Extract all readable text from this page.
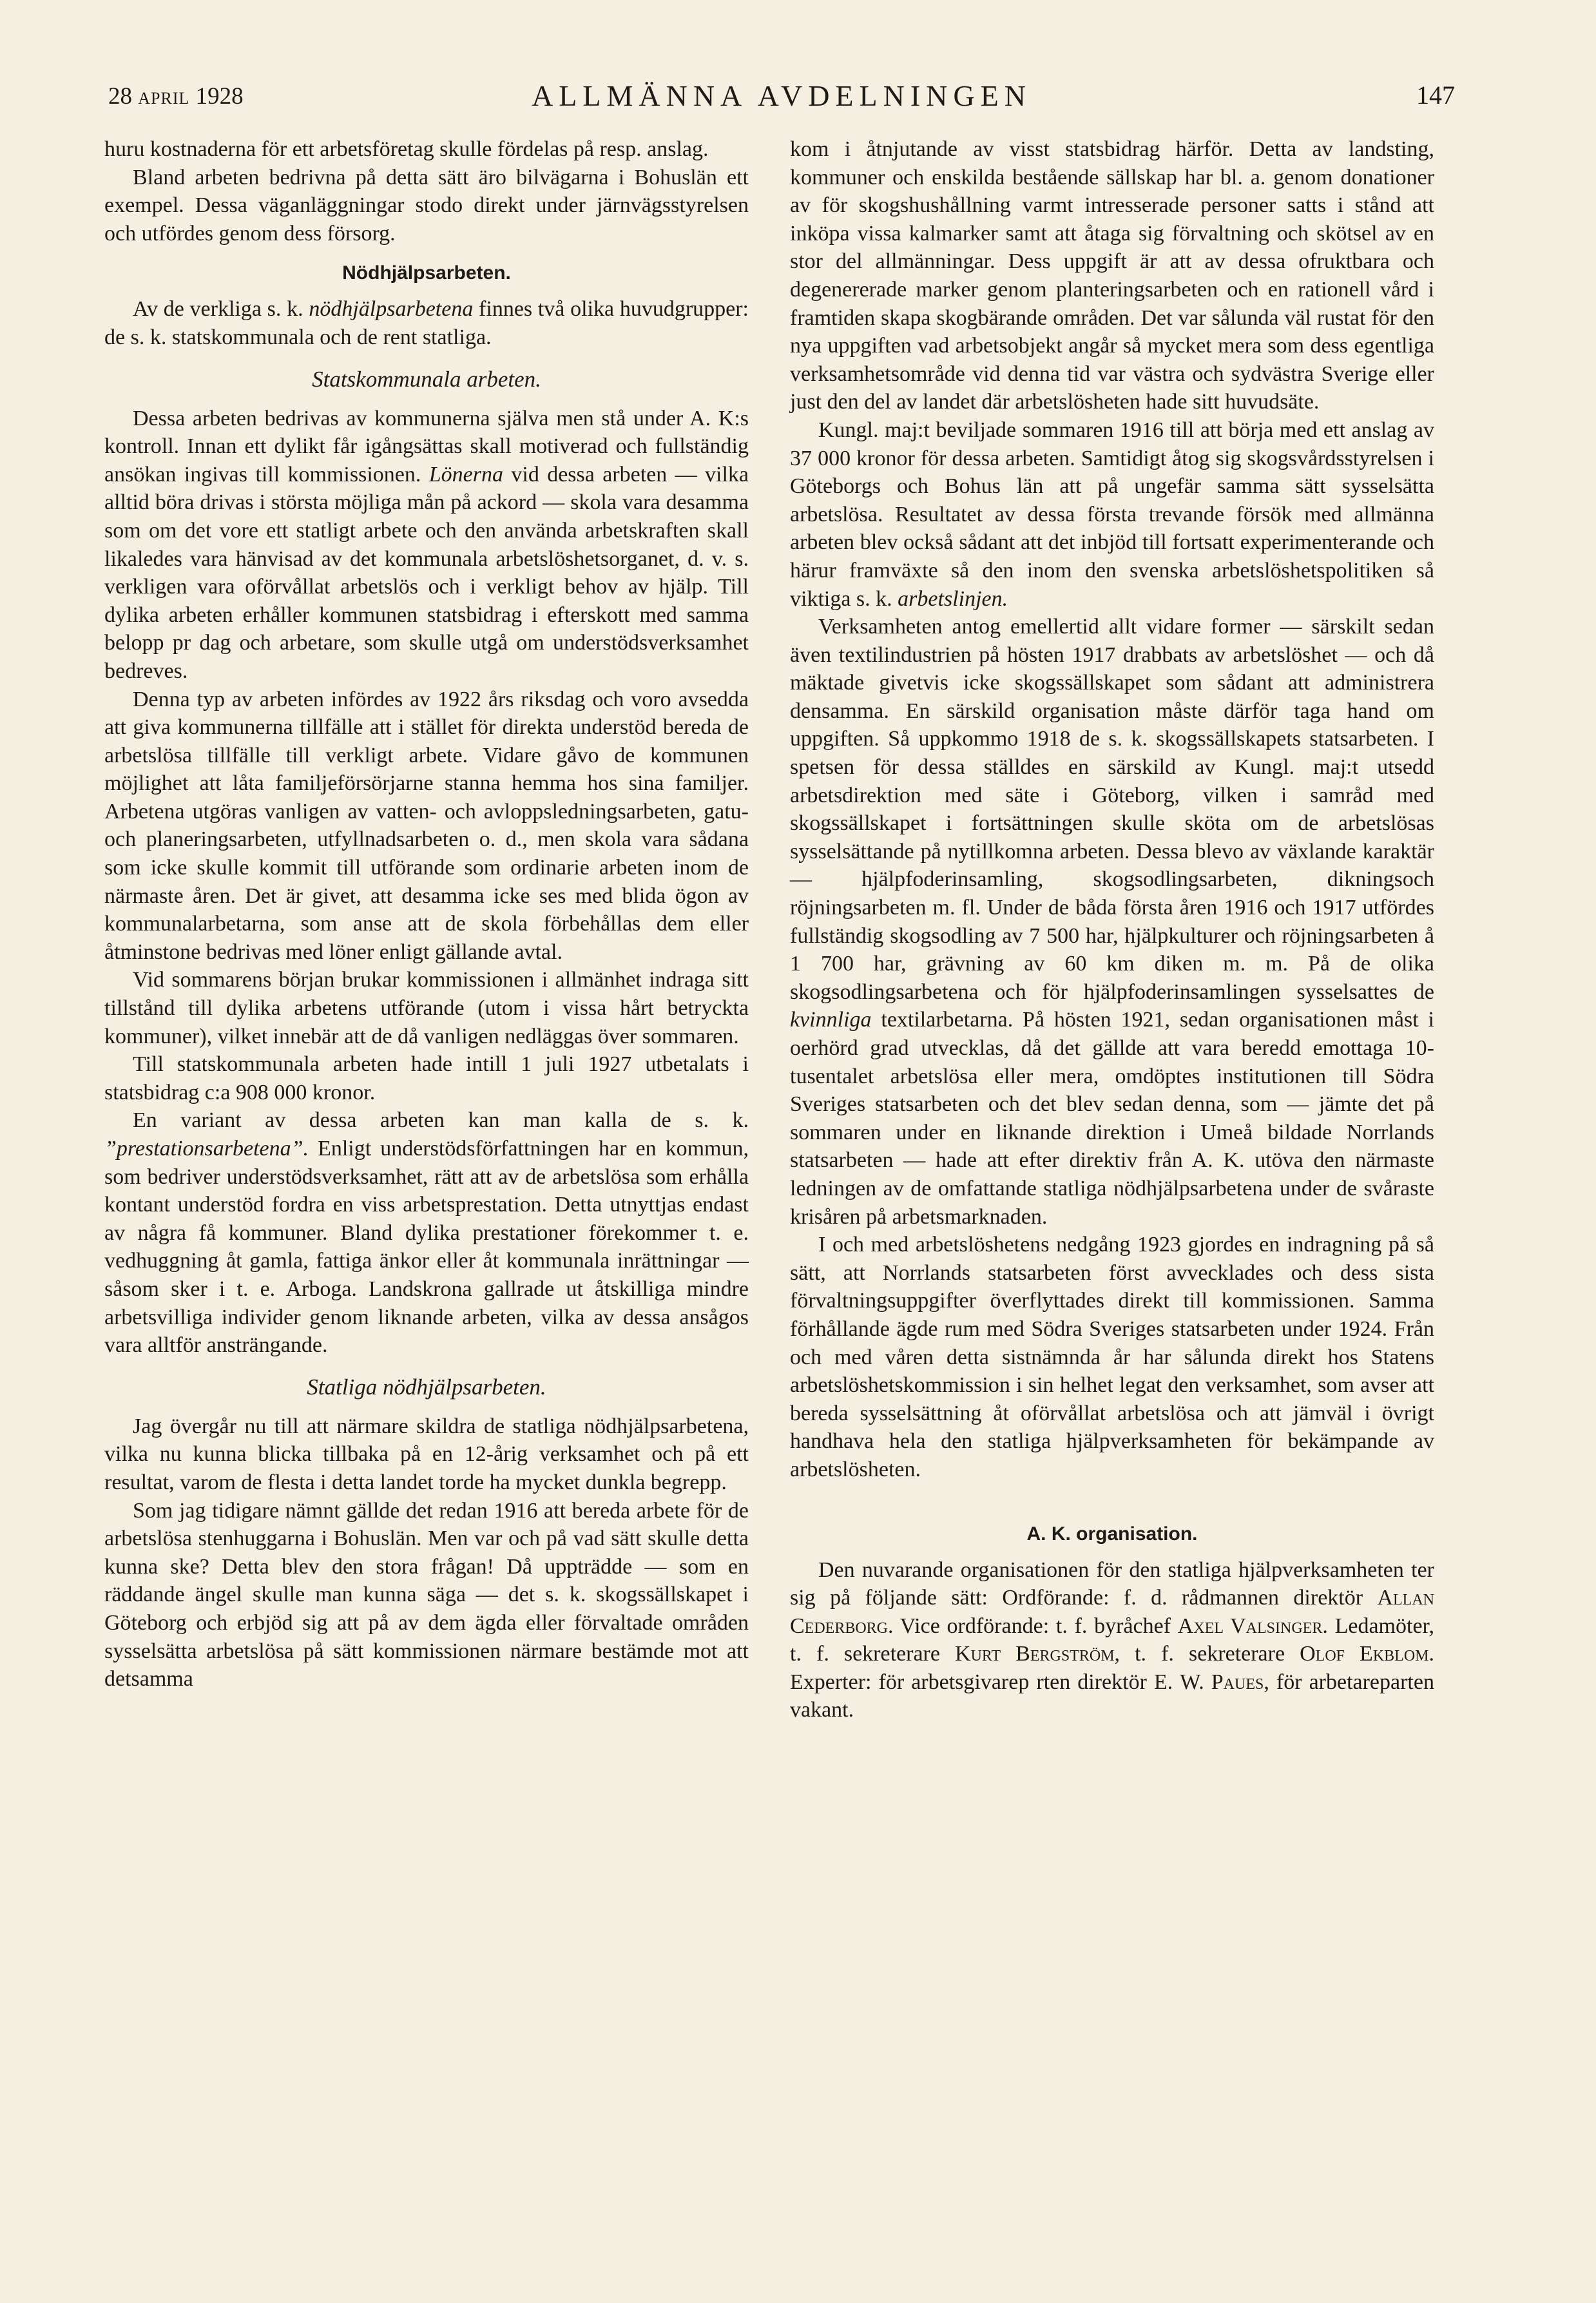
28 april 1928	ALLMÄNNA AVDELNINGEN	147

huru kostnaderna för ett arbetsföretag skulle fördelas på resp. anslag.

Bland arbeten bedrivna på detta sätt äro bilvägarna i Bohuslän ett exempel. Dessa väganläggningar stodo direkt under järnvägsstyrelsen och utfördes genom dess försorg.

Nödhjälpsarbeten.

Av de verkliga s. k. nödhjälpsarbetena finnes två olika huvudgrupper: de s. k. statskommunala och de rent statliga.

Statskommunala arbeten.

Dessa arbeten bedrivas av kommunerna själva men stå under A. K:s kontroll. Innan ett dylikt får igångsättas skall motiverad och fullständig ansökan ingivas till kommissionen. Lönerna vid dessa arbeten — vilka alltid böra drivas i största möjliga mån på ackord — skola vara desamma som om det vore ett statligt arbete och den använda arbetskraften skall likaledes vara hänvisad av det kommunala arbetslöshetsorganet, d. v. s. verkligen vara oförvållat arbetslös och i verkligt behov av hjälp. Till dylika arbeten erhåller kommunen statsbidrag i efterskott med samma belopp pr dag och arbetare, som skulle utgå om understödsverksamhet bedreves.

Denna typ av arbeten infördes av 1922 års riksdag och voro avsedda att giva kommunerna tillfälle att i stället för direkta understöd bereda de arbetslösa tillfälle till verkligt arbete. Vidare gåvo de kommunen möjlighet att låta familjeförsörjarne stanna hemma hos sina familjer. Arbetena utgöras vanligen av vatten- och avloppsledningsarbeten, gatu- och planeringsarbeten, utfyllnadsarbeten o. d., men skola vara sådana som icke skulle kommit till utförande som ordinarie arbeten inom de närmaste åren. Det är givet, att desamma icke ses med blida ögon av kommunalarbetarna, som anse att de skola förbehållas dem eller åtminstone bedrivas med löner enligt gällande avtal.

Vid sommarens början brukar kommissionen i allmänhet indraga sitt tillstånd till dylika arbetens utförande (utom i vissa hårt betryckta kommuner), vilket innebär att de då vanligen nedläggas över sommaren.

Till statskommunala arbeten hade intill 1 juli 1927 utbetalats i statsbidrag c:a 908 000 kronor.

En variant av dessa arbeten kan man kalla de s. k. ”prestationsarbetena”. Enligt understödsförfattningen har en kommun, som bedriver understödsverksamhet, rätt att av de arbetslösa som erhålla kontant understöd fordra en viss arbetsprestation. Detta utnyttjas endast av några få kommuner. Bland dylika prestationer förekommer t. e. vedhuggning åt gamla, fattiga änkor eller åt kommunala inrättningar — såsom sker i t. e. Arboga. Landskrona gallrade ut åtskilliga mindre arbetsvilliga individer genom liknande arbeten, vilka av dessa ansågos vara alltför ansträngande.

Statliga nödhjälpsarbeten.

Jag övergår nu till att närmare skildra de statliga nödhjälpsarbetena, vilka nu kunna blicka tillbaka på en 12-årig verksamhet och på ett resultat, varom de flesta i detta landet torde ha mycket dunkla begrepp.

Som jag tidigare nämnt gällde det redan 1916 att bereda arbete för de arbetslösa stenhuggarna i Bohuslän. Men var och på vad sätt skulle detta kunna ske? Detta blev den stora frågan! Då uppträdde — som en räddande ängel skulle man kunna säga — det s. k. skogssällskapet i Göteborg och erbjöd sig att på av dem ägda eller förvaltade områden sysselsätta arbetslösa på sätt kommissionen närmare bestämde mot att detsamma

kom i åtnjutande av visst statsbidrag härför. Detta av landsting, kommuner och enskilda bestående sällskap har bl. a. genom donationer av för skogshushållning varmt intresserade personer satts i stånd att inköpa vissa kalmarker samt att åtaga sig förvaltning och skötsel av en stor del allmänningar. Dess uppgift är att av dessa ofruktbara och degenererade marker genom planteringsarbeten och en rationell vård i framtiden skapa skogbärande områden. Det var sålunda väl rustat för den nya uppgiften vad arbetsobjekt angår så mycket mera som dess egentliga verksamhetsområde vid denna tid var västra och sydvästra Sverige eller just den del av landet där arbetslösheten hade sitt huvudsäte.

Kungl. maj:t beviljade sommaren 1916 till att börja med ett anslag av 37 000 kronor för dessa arbeten. Samtidigt åtog sig skogsvårdsstyrelsen i Göteborgs och Bohus län att på ungefär samma sätt sysselsätta arbetslösa. Resultatet av dessa första trevande försök med allmänna arbeten blev också sådant att det inbjöd till fortsatt experimenterande och härur framväxte så den inom den svenska arbetslöshetspolitiken så viktiga s. k. arbetslinjen.

Verksamheten antog emellertid allt vidare former — särskilt sedan även textilindustrien på hösten 1917 drabbats av arbetslöshet — och då mäktade givetvis icke skogssällskapet som sådant att administrera densamma. En särskild organisation måste därför taga hand om uppgiften. Så uppkommo 1918 de s. k. skogssällskapets statsarbeten. I spetsen för dessa ställdes en särskild av Kungl. maj:t utsedd arbetsdirektion med säte i Göteborg, vilken i samråd med skogssällskapet i fortsättningen skulle sköta om de arbetslösas sysselsättande på nytillkomna arbeten. Dessa blevo av växlande karaktär — hjälpfoderinsamling, skogsodlingsarbeten, dikningsoch röjningsarbeten m. fl. Under de båda första åren 1916 och 1917 utfördes fullständig skogsodling av 7 500 har, hjälpkulturer och röjningsarbeten å 1 700 har, grävning av 60 km diken m. m. På de olika skogsodlingsarbetena och för hjälpfoderinsamlingen sysselsattes de kvinnliga textilarbetarna. På hösten 1921, sedan organisationen måst i oerhörd grad utvecklas, då det gällde att vara beredd emottaga 10-tusentalet arbetslösa eller mera, omdöptes institutionen till Södra Sveriges statsarbeten och det blev sedan denna, som — jämte det på sommaren under en liknande direktion i Umeå bildade Norrlands statsarbeten — hade att efter direktiv från A. K. utöva den närmaste ledningen av de omfattande statliga nödhjälpsarbetena under de svåraste krisåren på arbetsmarknaden.

I och med arbetslöshetens nedgång 1923 gjordes en indragning på så sätt, att Norrlands statsarbeten först avvecklades och dess sista förvaltningsuppgifter överflyttades direkt till kommissionen. Samma förhållande ägde rum med Södra Sveriges statsarbeten under 1924. Från och med våren detta sistnämnda år har sålunda direkt hos Statens arbetslöshetskommission i sin helhet legat den verksamhet, som avser att bereda sysselsättning åt oförvållat arbetslösa och att jämväl i övrigt handhava hela den statliga hjälpverksamheten för bekämpande av arbetslösheten.

A. K. organisation.

Den nuvarande organisationen för den statliga hjälpverksamheten ter sig på följande sätt: Ordförande: f. d. rådmannen direktör Allan Cederborg. Vice ordförande: t. f. byråchef Axel Valsinger. Ledamöter, t. f. sekreterare Kurt Bergström, t. f. sekreterare Olof Ekblom. Experter: för arbetsgivarep rten direktör E. W. Paues, för arbetareparten vakant.
